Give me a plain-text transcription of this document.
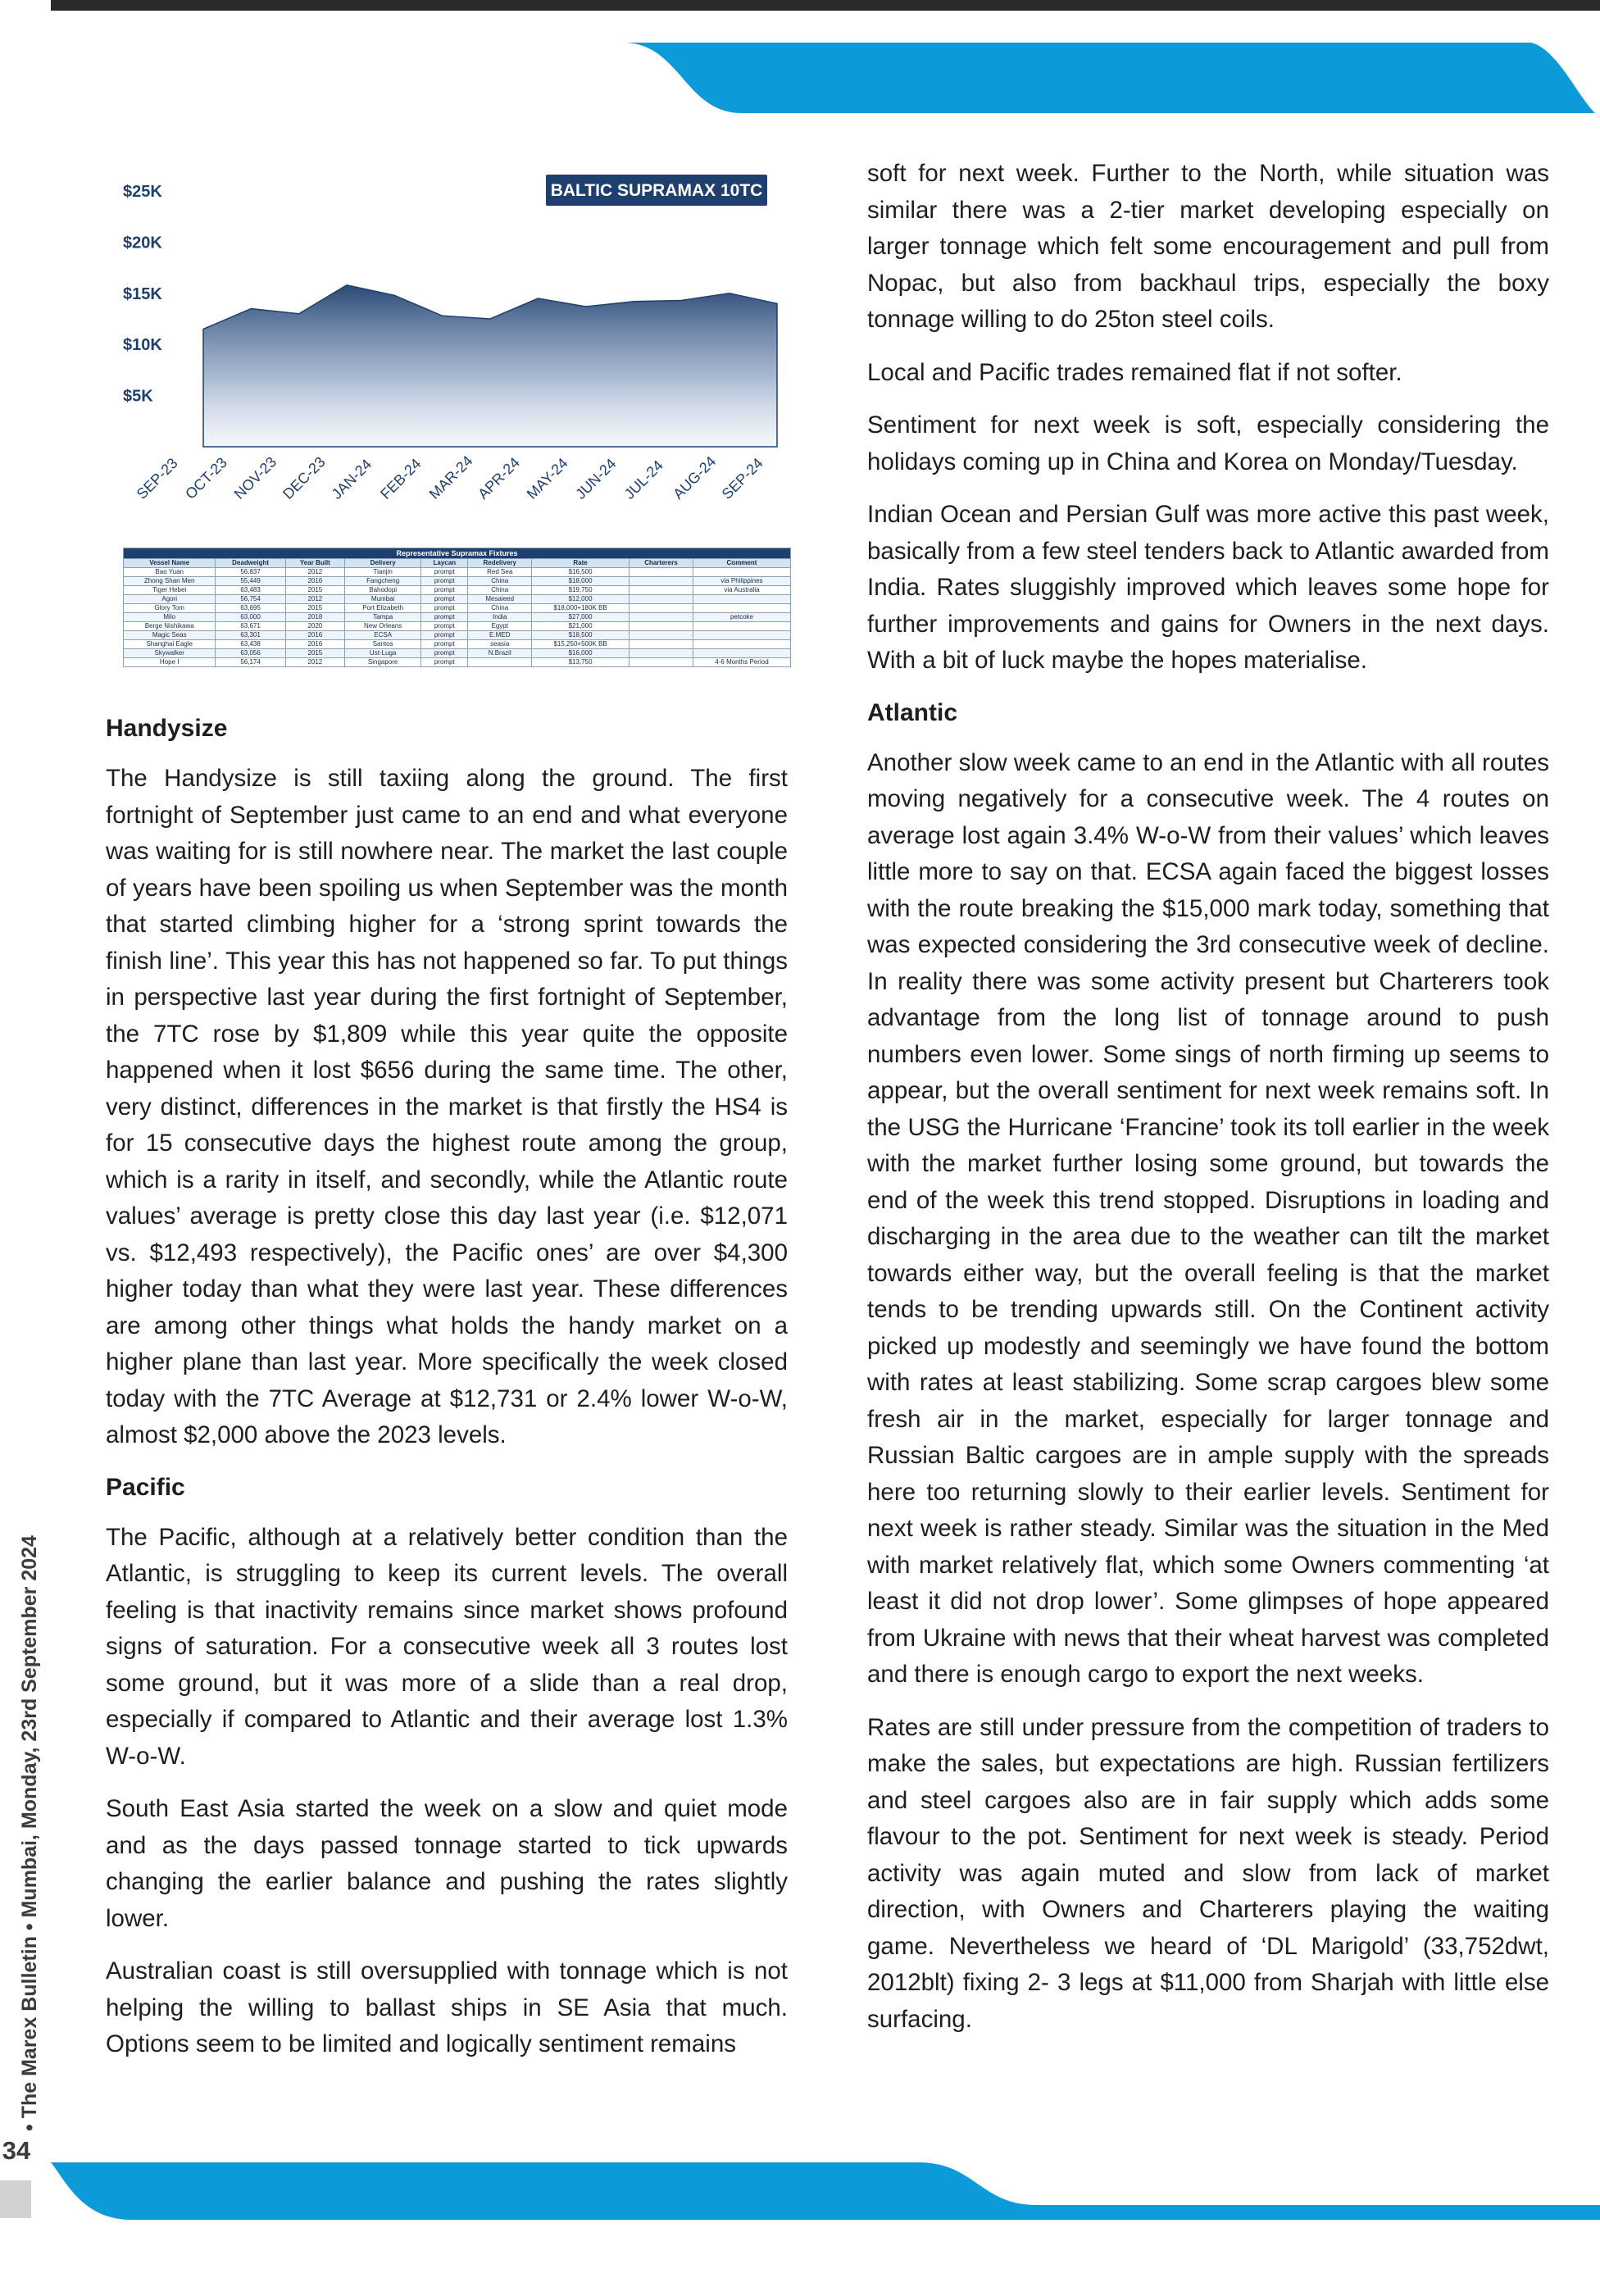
$25K
$20K
$15K
$10K
$5K
BALTIC SUPRAMAX 10TC
SEP-23 OCT-23 NOV-23 DEC-23 JAN-24 FEB-24 MAR-24
APR-24 MAY-24 JUN-24 JUL-24 AUG-24 SEP-24
Representative Supramax Fixtures								
Vessel Name	Deadweight	Year Built	Delivery	Laycan	Redelivery	Rate	Charterers	Comment
Bao Yuan	56,837	2012	Tianjin	prompt	Red Sea	$16,500		
Zhong Shan Men	55,449	2016	Fangcheng	prompt	China	$18,000		via Philippines
Tiger Hebei	63,483	2015	Bahodopi	prompt	China	$19,750		via Australia
Agori	56,754	2012	Mumbai	prompt	Mesaieed	$12,000		
Glory Tom	63,695	2015	Port Elizabeth	prompt	China	$18,000+180K BB		
Milo	63,000	2018	Tampa	prompt	India	$27,000		petcoke
Berge Nishikawa	63,671	2020	New Orleans	prompt	Egypt	$21,000		
Magic Seas	63,301	2016	ECSA	prompt	E.MED	$18,500		
Shanghai Eagle	63,438	2016	Santos	prompt	seasia	$15,250+500K BB		
Skywalker	63,056	2015	Ust-Luga	prompt	N.Brazil	$16,000		
Hope I	56,174	2012	Singapore	prompt		$13,750		4-6 Months Period
Handysize

The Handysize is still taxiing along the ground. The first fortnight of September just came to an end and what everyone was waiting for is still nowhere near. The market the last couple of years have been spoiling us when September was the month that started climbing higher for a ‘strong sprint towards the finish line’. This year this has not happened so far. To put things in perspective last year during the first fortnight of September, the 7TC rose by $1,809 while this year quite the opposite happened when it lost $656 during the same time. The other, very distinct, differences in the market is that firstly the HS4 is for 15 consecutive days the highest route among the group, which is a rarity in itself, and secondly, while the Atlantic route values’ average is pretty close this day last year (i.e. $12,071 vs. $12,493 respectively), the Pacific ones’ are over $4,300 higher today than what they were last year. These differences are among other things what holds the handy market on a higher plane than last year. More specifically the week closed today with the 7TC Average at $12,731 or 2.4% lower W-o-W, almost $2,000 above the 2023 levels.

Pacific

The Pacific, although at a relatively better condition than the Atlantic, is struggling to keep its current levels. The overall feeling is that inactivity remains since market shows profound signs of saturation. For a consecutive week all 3 routes lost some ground, but it was more of a slide than a real drop, especially if compared to Atlantic and their average lost 1.3% W-o-W.

South East Asia started the week on a slow and quiet mode and as the days passed tonnage started to tick upwards changing the earlier balance and pushing the rates slightly lower.

Australian coast is still oversupplied with tonnage which is not helping the willing to ballast ships in SE Asia that much. Options seem to be limited and logically sentiment remains

soft for next week. Further to the North, while situation was similar there was a 2-tier market developing especially on larger tonnage which felt some encouragement and pull from Nopac, but also from backhaul trips, especially the boxy tonnage willing to do 25ton steel coils.

Local and Pacific trades remained flat if not softer.

Sentiment for next week is soft, especially considering the holidays coming up in China and Korea on Monday/Tuesday.

Indian Ocean and Persian Gulf was more active this past week, basically from a few steel tenders back to Atlantic awarded from India. Rates sluggishly improved which leaves some hope for further improvements and gains for Owners in the next days. With a bit of luck maybe the hopes materialise.

Atlantic

Another slow week came to an end in the Atlantic with all routes moving negatively for a consecutive week. The 4 routes on average lost again 3.4% W-o-W from their values’ which leaves little more to say on that. ECSA again faced the biggest losses with the route breaking the $15,000 mark today, something that was expected considering the 3rd consecutive week of decline. In reality there was some activity present but Charterers took advantage from the long list of tonnage around to push numbers even lower. Some sings of north firming up seems to appear, but the overall sentiment for next week remains soft. In the USG the Hurricane ‘Francine’ took its toll earlier in the week with the market further losing some ground, but towards the end of the week this trend stopped. Disruptions in loading and discharging in the area due to the weather can tilt the market towards either way, but the overall feeling is that the market tends to be trending upwards still. On the Continent activity picked up modestly and seemingly we have found the bottom with rates at least stabilizing. Some scrap cargoes blew some fresh air in the market, especially for larger tonnage and Russian Baltic cargoes are in ample supply with the spreads here too returning slowly to their earlier levels. Sentiment for next week is rather steady. Similar was the situation in the Med with market relatively flat, which some Owners commenting ‘at least it did not drop lower’. Some glimpses of hope appeared from Ukraine with news that their wheat harvest was completed and there is enough cargo to export the next weeks.

Rates are still under pressure from the competition of traders to make the sales, but expectations are high. Russian fertilizers and steel cargoes also are in fair supply which adds some flavour to the pot. Sentiment for next week is steady. Period activity was again muted and slow from lack of market direction, with Owners and Charterers playing the waiting game. Nevertheless we heard of ‘DL Marigold’ (33,752dwt, 2012blt) fixing 2- 3 legs at $11,000 from Sharjah with little else surfacing.

• The Marex Bulletin • Mumbai, Monday, 23rd September 2024
34
